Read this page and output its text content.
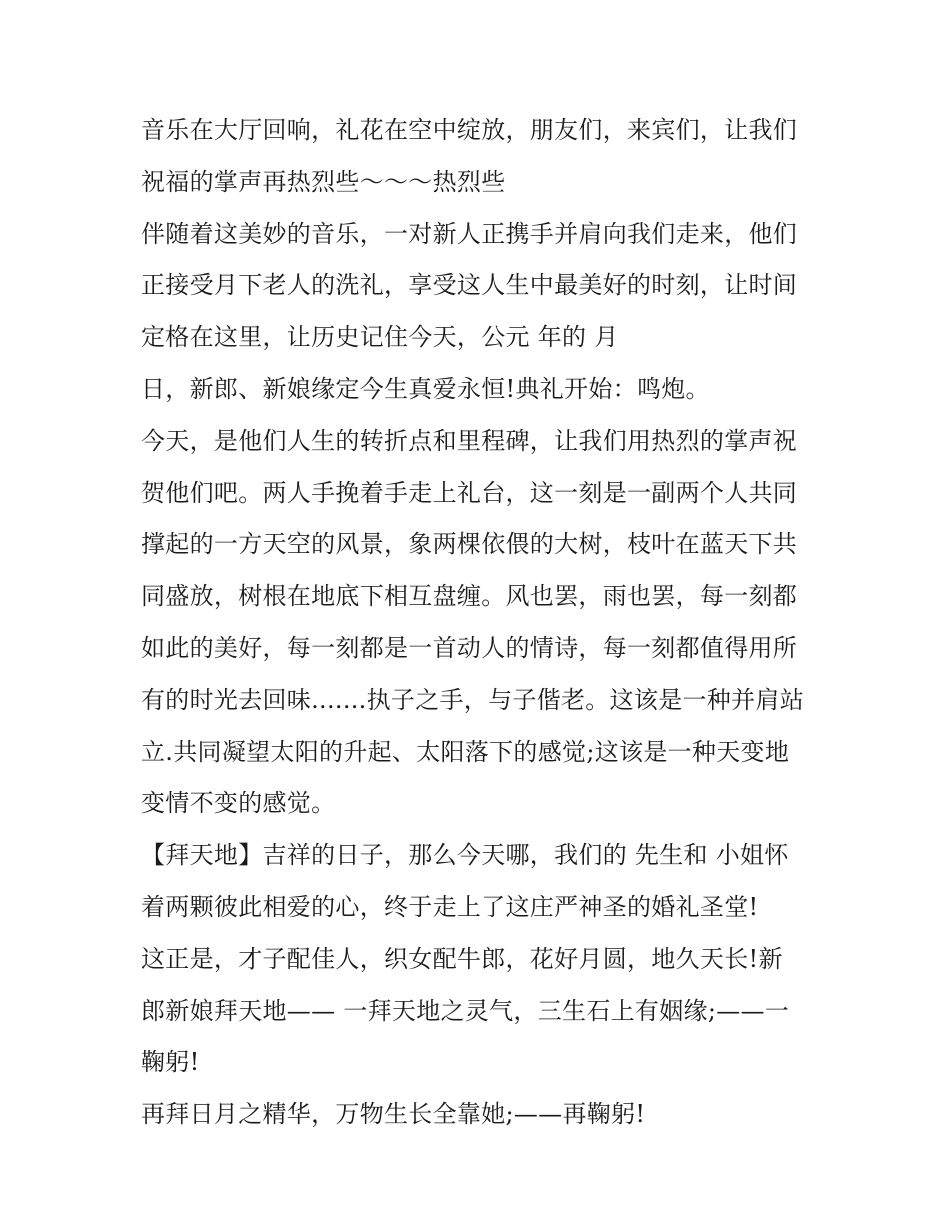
音乐在大厅回响，礼花在空中绽放，朋友们，来宾们，让我们
祝福的掌声再热烈些～～～热烈些
伴随着这美妙的音乐，一对新人正携手并肩向我们走来，他们
正接受月下老人的洗礼，享受这人生中最美好的时刻，让时间
定格在这里，让历史记住今天，公元 年的 月
日，新郎、新娘缘定今生真爱永恒!典礼开始：鸣炮。
今天，是他们人生的转折点和里程碑，让我们用热烈的掌声祝
贺他们吧。两人手挽着手走上礼台，这一刻是一副两个人共同
撑起的一方天空的风景，象两棵依偎的大树，枝叶在蓝天下共
同盛放，树根在地底下相互盘缠。风也罢，雨也罢，每一刻都
如此的美好，每一刻都是一首动人的情诗，每一刻都值得用所
有的时光去回味.......执子之手，与子偕老。这该是一种并肩站
立.共同凝望太阳的升起、太阳落下的感觉;这该是一种天变地
变情不变的感觉。
【拜天地】吉祥的日子，那么今天哪，我们的 先生和 小姐怀
着两颗彼此相爱的心，终于走上了这庄严神圣的婚礼圣堂!
这正是，才子配佳人，织女配牛郎，花好月圆，地久天长!新
郎新娘拜天地—— 一拜天地之灵气，三生石上有姻缘;——一
鞠躬!
再拜日月之精华，万物生长全靠她;——再鞠躬!
